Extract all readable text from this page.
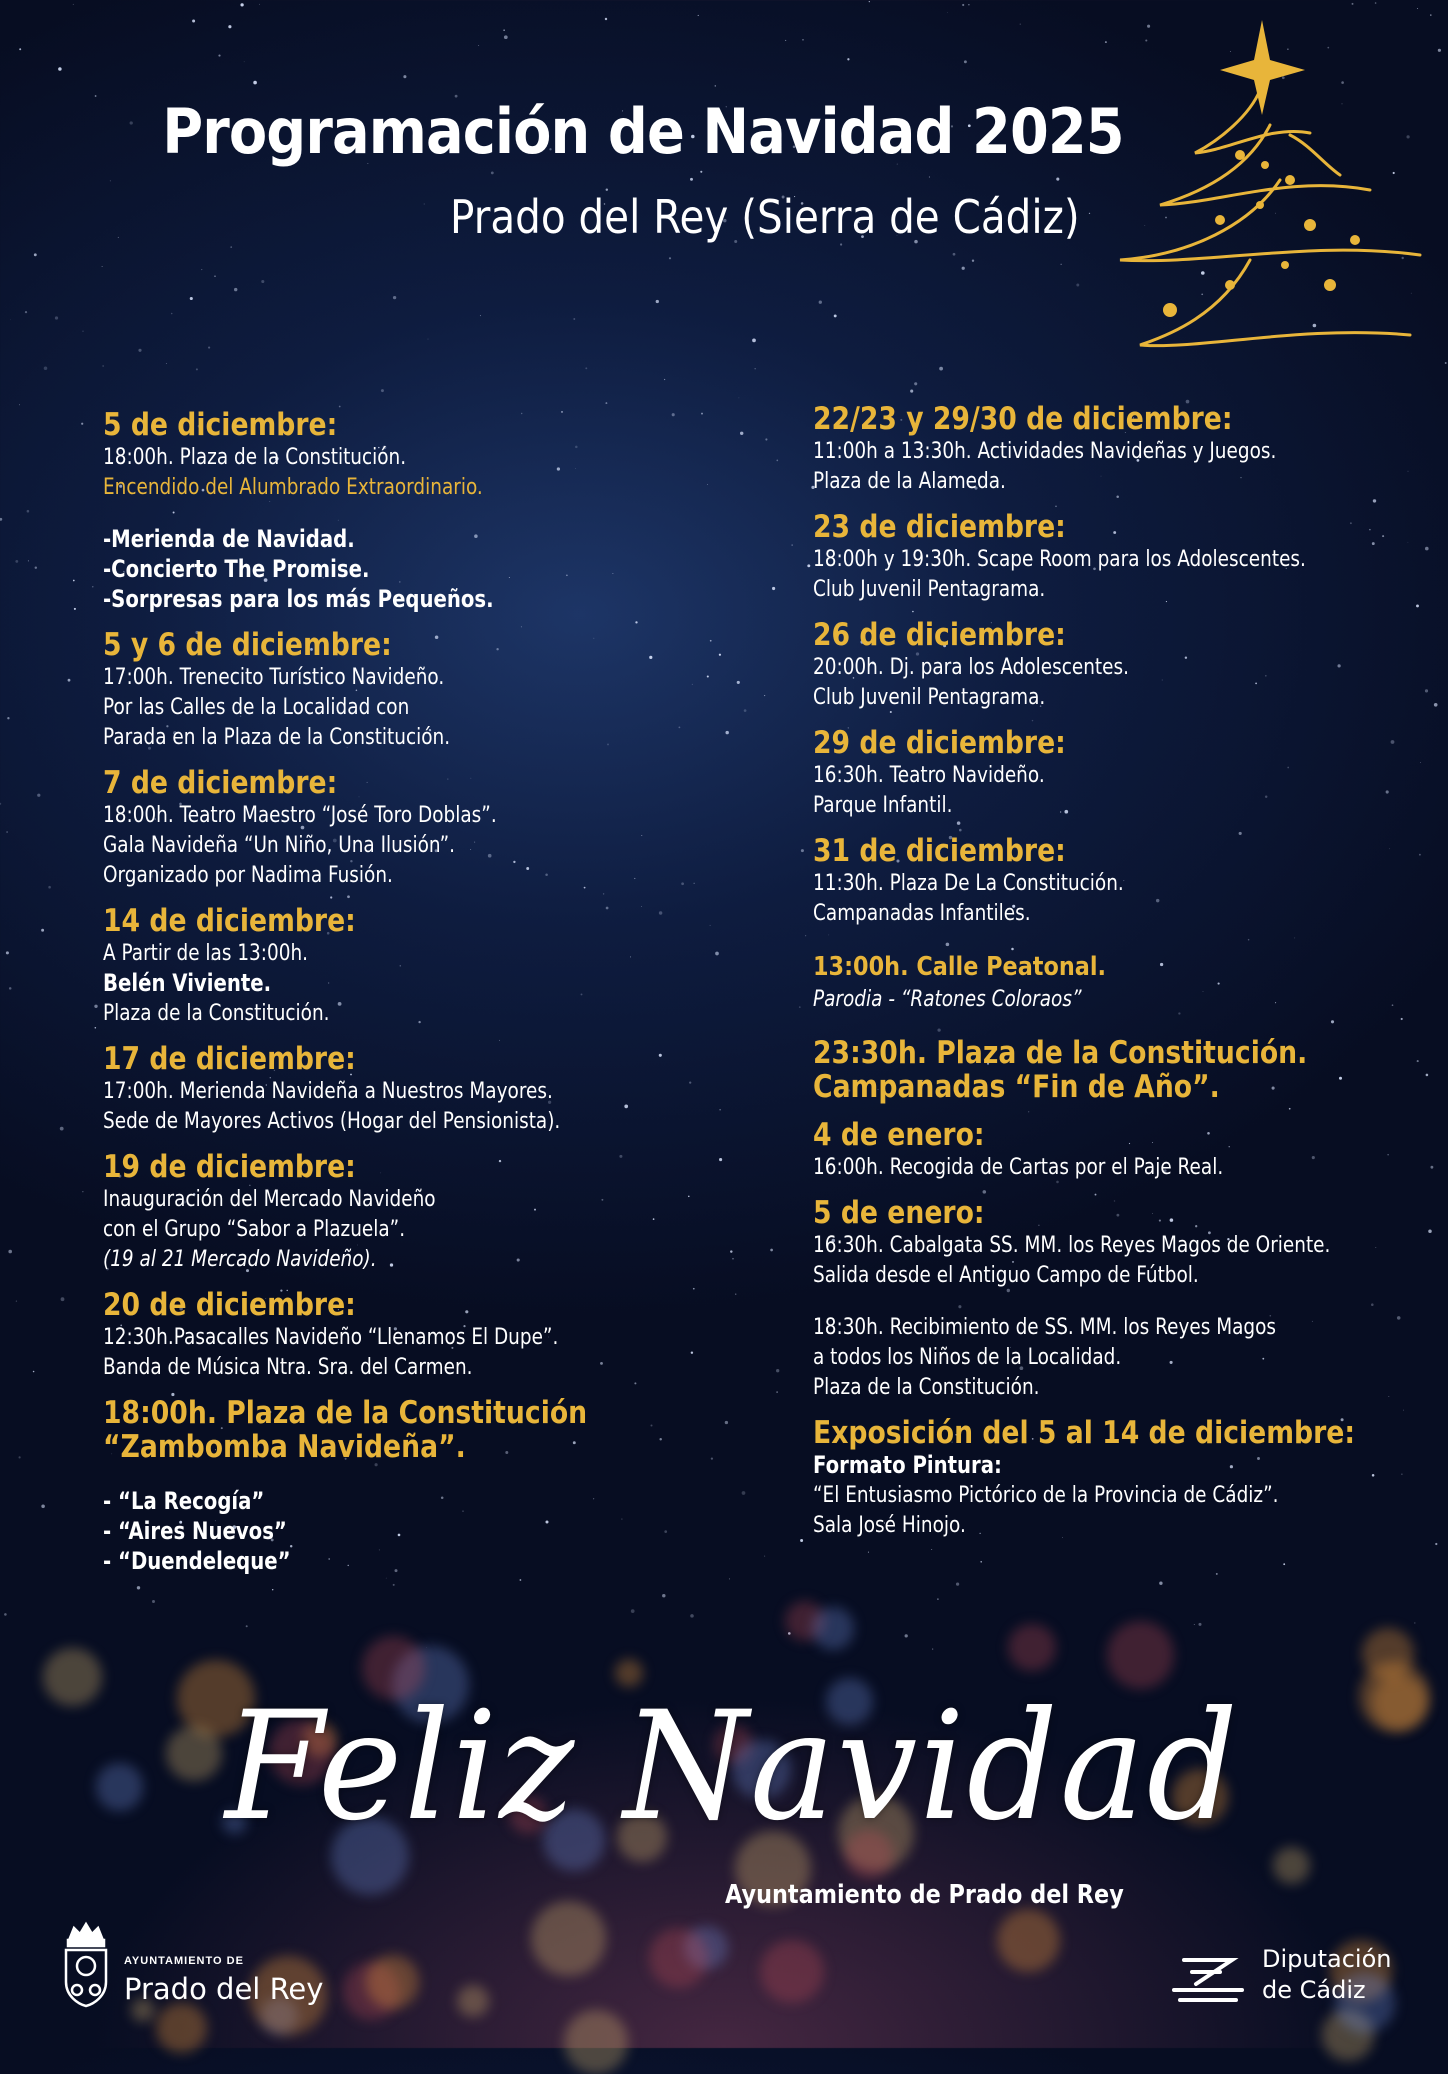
Programación de Navidad 2025
Prado del Rey (Sierra de Cádiz)
5 de diciembre:
18:00h. Plaza de la Constitución.
Encendido del Alumbrado Extraordinario.
-Merienda de Navidad.
-Concierto The Promise.
-Sorpresas para los más Pequeños.
5 y 6 de diciembre:
17:00h. Trenecito Turístico Navideño.
Por las Calles de la Localidad con
Parada en la Plaza de la Constitución.
7 de diciembre:
18:00h. Teatro Maestro “José Toro Doblas”.
Gala Navideña “Un Niño, Una Ilusión”.
Organizado por Nadima Fusión.
14 de diciembre:
A Partir de las 13:00h.
Belén Viviente.
Plaza de la Constitución.
17 de diciembre:
17:00h. Merienda Navideña a Nuestros Mayores.
Sede de Mayores Activos (Hogar del Pensionista).
19 de diciembre:
Inauguración del Mercado Navideño
con el Grupo “Sabor a Plazuela”.
(19 al 21 Mercado Navideño).
20 de diciembre:
12:30h.Pasacalles Navideño “Llenamos El Dupe”.
Banda de Música Ntra. Sra. del Carmen.
18:00h. Plaza de la Constitución
“Zambomba Navideña”.
- “La Recogía”
- “Aires Nuevos”
- “Duendeleque”
22/23 y 29/30 de diciembre:
11:00h a 13:30h. Actividades Navideñas y Juegos.
Plaza de la Alameda.
23 de diciembre:
18:00h y 19:30h. Scape Room para los Adolescentes.
Club Juvenil Pentagrama.
26 de diciembre:
20:00h. Dj. para los Adolescentes.
Club Juvenil Pentagrama.
29 de diciembre:
16:30h. Teatro Navideño.
Parque Infantil.
31 de diciembre:
11:30h. Plaza De La Constitución.
Campanadas Infantiles.
13:00h. Calle Peatonal.
Parodia - “Ratones Coloraos”
23:30h. Plaza de la Constitución.
Campanadas “Fin de Año”.
4 de enero:
16:00h. Recogida de Cartas por el Paje Real.
5 de enero:
16:30h. Cabalgata SS. MM. los Reyes Magos de Oriente.
Salida desde el Antiguo Campo de Fútbol.
18:30h. Recibimiento de SS. MM. los Reyes Magos
a todos los Niños de la Localidad.
Plaza de la Constitución.
Exposición del 5 al 14 de diciembre:
Formato Pintura:
“El Entusiasmo Pictórico de la Provincia de Cádiz”.
Sala José Hinojo.
Feliz Navidad
Ayuntamiento de Prado del Rey
AYUNTAMIENTO DE
Prado del Rey
Diputación
de Cádiz
